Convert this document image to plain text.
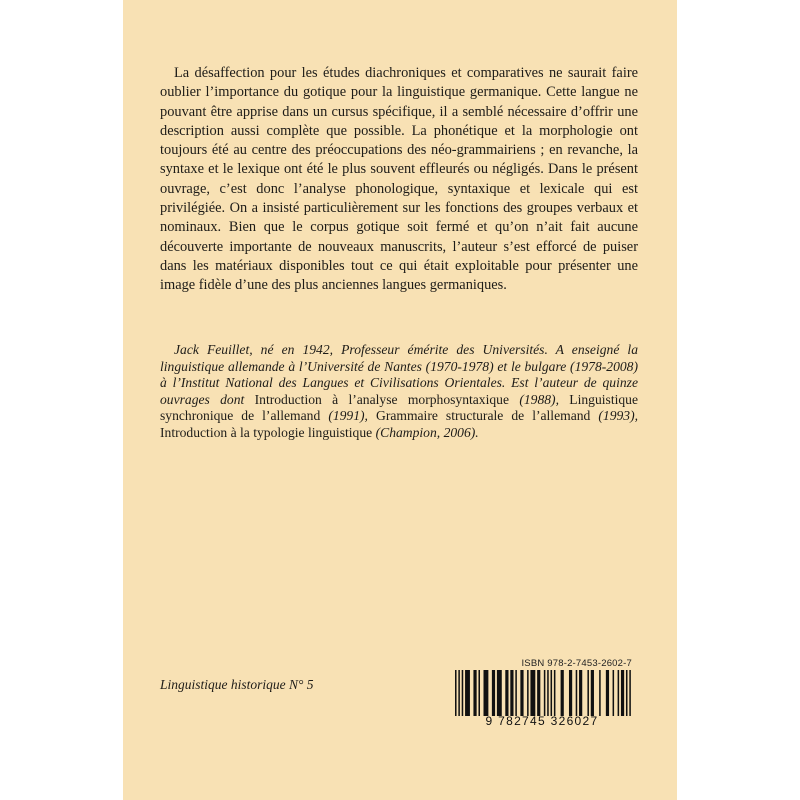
La désaffection pour les études diachroniques et comparatives ne saurait faire oublier l’importance du gotique pour la linguistique germanique. Cette langue ne pouvant être apprise dans un cursus spécifique, il a semblé nécessaire d’offrir une description aussi complète que possible. La phonétique et la morphologie ont toujours été au centre des préoccupations des néo-grammairiens ; en revanche, la syntaxe et le lexique ont été le plus souvent effleurés ou négligés. Dans le présent ouvrage, c’est donc l’analyse phonologique, syntaxique et lexicale qui est privilégiée. On a insisté particulièrement sur les fonctions des groupes verbaux et nominaux. Bien que le corpus gotique soit fermé et qu’on n’ait fait aucune découverte importante de nouveaux manuscrits, l’auteur s’est efforcé de puiser dans les matériaux disponibles tout ce qui était exploitable pour présenter une image fidèle d’une des plus anciennes langues germaniques.

Jack Feuillet, né en 1942, Professeur émérite des Universités. A enseigné la linguistique allemande à l’Université de Nantes (1970-1978) et le bulgare (1978-2008) à l’Institut National des Langues et Civilisations Orientales. Est l’auteur de quinze ouvrages dont Introduction à l’analyse morphosyntaxique (1988), Linguistique synchronique de l’allemand (1991), Grammaire structurale de l’allemand (1993), Introduction à la typologie linguistique (Champion, 2006).

Linguistique historique N° 5
ISBN 978-2-7453-2602-7
9 782745 326027
